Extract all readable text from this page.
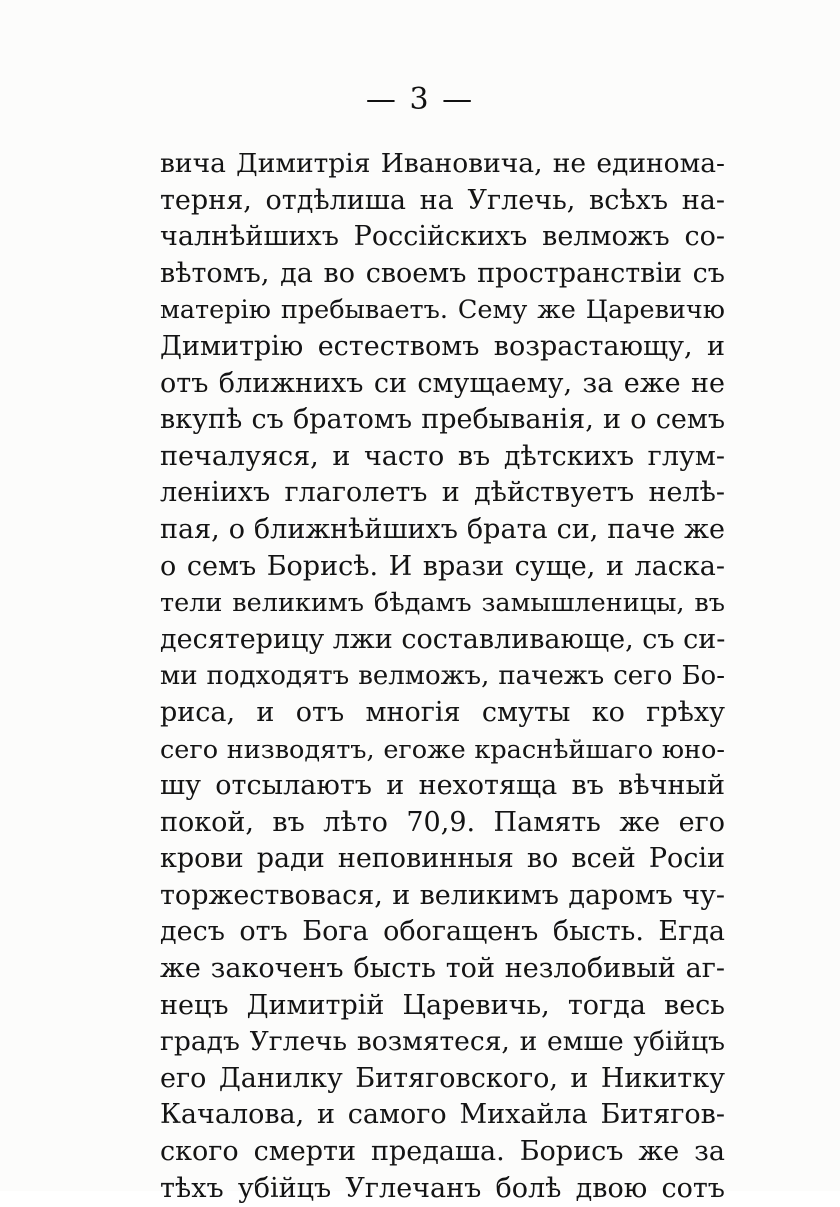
— 3 —
вича Димитрія Ивановича, не единома-
терня, отдѣлиша на Углечь, всѣхъ на-
чалнѣйшихъ Россійскихъ велможъ со-
вѣтомъ, да во своемъ пространствіи съ
матерію пребываетъ. Сему же Царевичю
Димитрію естествомъ возрастающу, и
отъ ближнихъ си смущаему, за еже не
вкупѣ съ братомъ пребыванія, и о семъ
печалуяся, и часто въ дѣтскихъ глум-
леніихъ глаголетъ и дѣйствуетъ нелѣ-
пая, о ближнѣйшихъ брата си, паче же
о семъ Борисѣ. И врази суще, и ласка-
тели великимъ бѣдамъ замышленицы, въ
десятерицу лжи составливающе, съ си-
ми подходятъ велможъ, пачежъ сего Бо-
риса, и отъ многія смуты ко грѣху
сего низводятъ, егоже краснѣйшаго юно-
шу отсылаютъ и нехотяща въ вѣчный
покой, въ лѣто 70,9. Память же его
крови ради неповинныя во всей Росіи
торжествовася, и великимъ даромъ чу-
десъ отъ Бога обогащенъ бысть. Егда
же закоченъ бысть той незлобивый аг-
нецъ Димитрій Царевичь, тогда весь
градъ Углечь возмятеся, и емше убійцъ
его Данилку Битяговского, и Никитку
Качалова, и самого Михайла Битягов-
ского смерти предаша. Борисъ же за
тѣхъ убійцъ Углечанъ болѣ двою сотъ
